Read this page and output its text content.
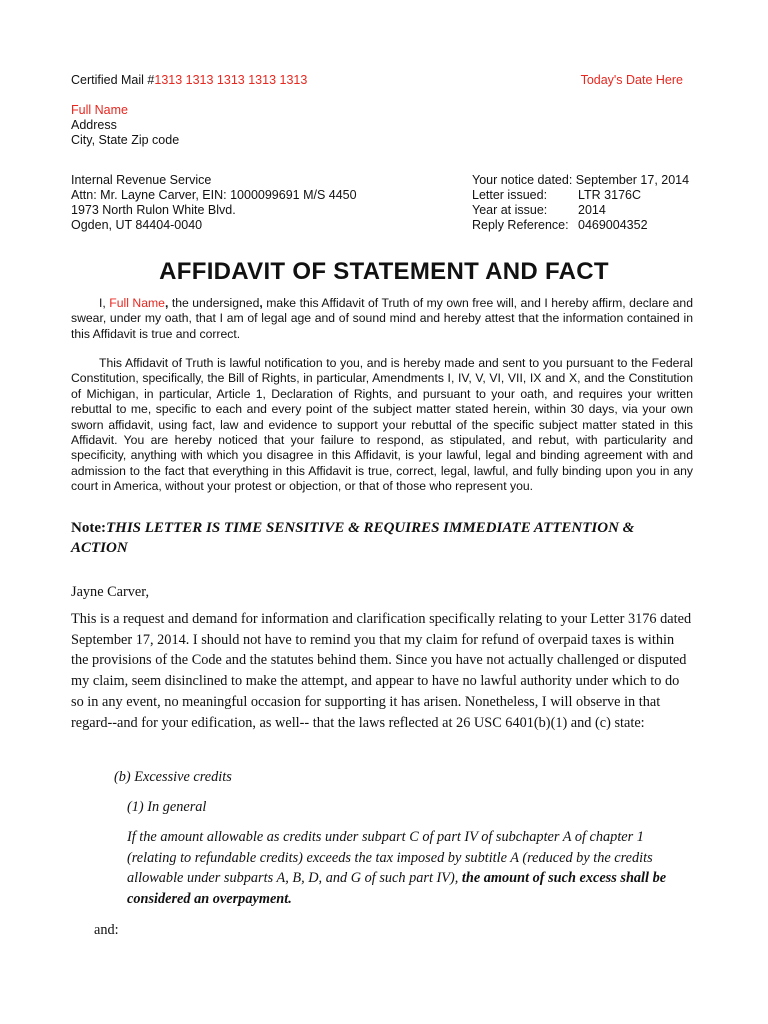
Certified Mail #1313 1313 1313 1313 1313	Today's Date Here
Full Name
Address
City, State Zip code
Internal Revenue Service
Attn: Mr. Layne Carver, EIN: 1000099691 M/S 4450
1973 North Rulon White Blvd.
Ogden, UT 84404-0040
Your notice dated:
September 17, 2014
Letter issued:	LTR 3176C
Year at issue:	2014
Reply Reference: 0469004352
AFFIDAVIT OF STATEMENT AND FACT
I, Full Name, the undersigned, make this Affidavit of Truth of my own free will, and I hereby affirm, declare and swear, under my oath, that I am of legal age and of sound mind and hereby attest that the information contained in this Affidavit is true and correct.
This Affidavit of Truth is lawful notification to you, and is hereby made and sent to you pursuant to the Federal Constitution, specifically, the Bill of Rights, in particular, Amendments I, IV, V, VI, VII, IX and X, and the Constitution of Michigan, in particular, Article 1, Declaration of Rights, and pursuant to your oath, and requires your written rebuttal to me, specific to each and every point of the subject matter stated herein, within 30 days, via your own sworn affidavit, using fact, law and evidence to support your rebuttal of the specific subject matter stated in this Affidavit. You are hereby noticed that your failure to respond, as stipulated, and rebut, with particularity and specificity, anything with which you disagree in this Affidavit, is your lawful, legal and binding agreement with and admission to the fact that everything in this Affidavit is true, correct, legal, lawful, and fully binding upon you in any court in America, without your protest or objection, or that of those who represent you.
Note:THIS LETTER IS TIME SENSITIVE & REQUIRES IMMEDIATE ATTENTION & ACTION
Jayne Carver,
This is a request and demand for information and clarification specifically relating to your Letter 3176 dated September 17, 2014. I should not have to remind you that my claim for refund of overpaid taxes is within the provisions of the Code and the statutes behind them. Since you have not actually challenged or disputed my claim, seem disinclined to make the attempt, and appear to have no lawful authority under which to do so in any event, no meaningful occasion for supporting it has arisen. Nonetheless, I will observe in that regard--and for your edification, as well-- that the laws reflected at 26 USC 6401(b)(1) and (c) state:
(b) Excessive credits
(1) In general
If the amount allowable as credits under subpart C of part IV of subchapter A of chapter 1 (relating to refundable credits) exceeds the tax imposed by subtitle A (reduced by the credits allowable under subparts A, B, D, and G of such part IV), the amount of such excess shall be considered an overpayment.
and:
